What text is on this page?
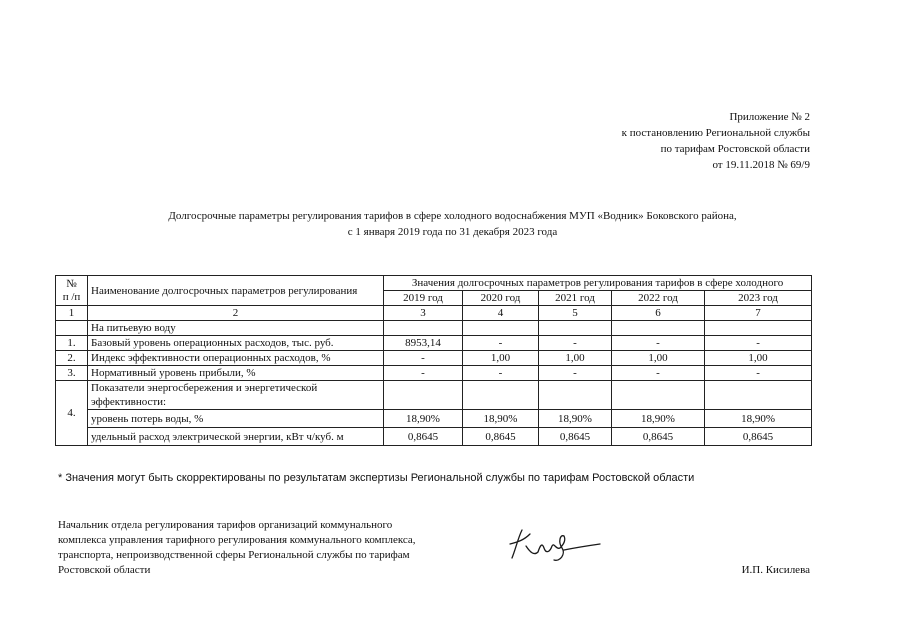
Приложение № 2
к постановлению Региональной службы
по тарифам Ростовской области
от 19.11.2018 № 69/9
Долгосрочные параметры регулирования тарифов в сфере холодного водоснабжения МУП «Водник» Боковского района,
с 1 января 2019 года по 31 декабря 2023 года
№
п /п	Наименование долгосрочных параметров регулирования	Значения долгосрочных параметров регулирования тарифов в сфере холодного				
		2019 год	2020 год	2021 год	2022 год	2023 год
1	2	3	4	5	6	7
	На питьевую воду					
1.	Базовый уровень операционных расходов, тыс. руб.	8953,14	-	-	-	-
2.	Индекс эффективности операционных расходов, %	-	1,00	1,00	1,00	1,00
3.	Нормативный уровень прибыли, %	-	-	-	-	-
4.	Показатели энергосбережения и энергетической эффективности:					
	уровень потерь воды, %	18,90%	18,90%	18,90%	18,90%	18,90%
	удельный расход электрической энергии, кВт ч/куб. м	0,8645	0,8645	0,8645	0,8645	0,8645
* Значения могут быть скорректированы по результатам экспертизы Региональной службы по тарифам Ростовской области
Начальник отдела регулирования тарифов организаций коммунального
комплекса управления тарифного регулирования коммунального комплекса,
транспорта, непроизводственной сферы Региональной службы по тарифам
Ростовской области	И.П. Кисилева
